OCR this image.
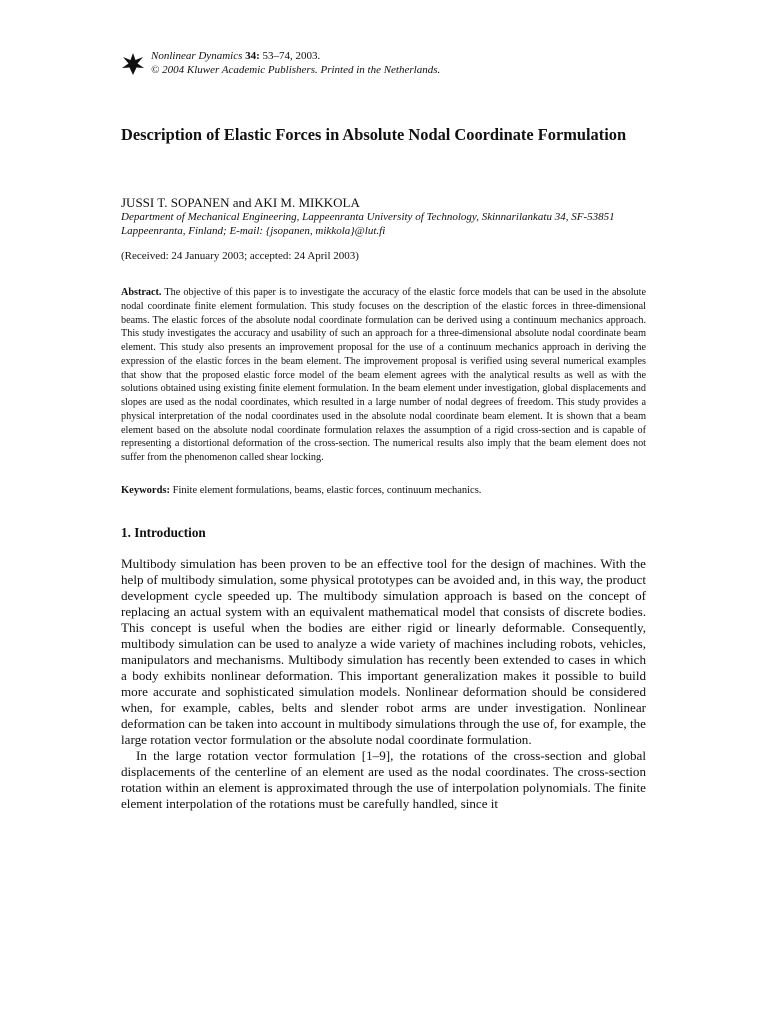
Nonlinear Dynamics 34: 53–74, 2003.
© 2004 Kluwer Academic Publishers. Printed in the Netherlands.
Description of Elastic Forces in Absolute Nodal Coordinate Formulation
JUSSI T. SOPANEN and AKI M. MIKKOLA
Department of Mechanical Engineering, Lappeenranta University of Technology, Skinnarilankatu 34, SF-53851 Lappeenranta, Finland; E-mail: {jsopanen, mikkola}@lut.fi
(Received: 24 January 2003; accepted: 24 April 2003)
Abstract. The objective of this paper is to investigate the accuracy of the elastic force models that can be used in the absolute nodal coordinate finite element formulation. This study focuses on the description of the elastic forces in three-dimensional beams. The elastic forces of the absolute nodal coordinate formulation can be derived using a continuum mechanics approach. This study investigates the accuracy and usability of such an approach for a three-dimensional absolute nodal coordinate beam element. This study also presents an improvement proposal for the use of a continuum mechanics approach in deriving the expression of the elastic forces in the beam element. The improvement proposal is verified using several numerical examples that show that the proposed elastic force model of the beam element agrees with the analytical results as well as with the solutions obtained using existing finite element formulation. In the beam element under investigation, global displacements and slopes are used as the nodal coordinates, which resulted in a large number of nodal degrees of freedom. This study provides a physical interpretation of the nodal coordinates used in the absolute nodal coordinate beam element. It is shown that a beam element based on the absolute nodal coordinate formulation relaxes the assumption of a rigid cross-section and is capable of representing a distortional deformation of the cross-section. The numerical results also imply that the beam element does not suffer from the phenomenon called shear locking.
Keywords: Finite element formulations, beams, elastic forces, continuum mechanics.
1. Introduction

Multibody simulation has been proven to be an effective tool for the design of machines. With the help of multibody simulation, some physical prototypes can be avoided and, in this way, the product development cycle speeded up. The multibody simulation approach is based on the concept of replacing an actual system with an equivalent mathematical model that consists of discrete bodies. This concept is useful when the bodies are either rigid or linearly deformable. Consequently, multibody simulation can be used to analyze a wide variety of machines including robots, vehicles, manipulators and mechanisms. Multibody simulation has recently been extended to cases in which a body exhibits nonlinear deformation. This important generalization makes it possible to build more accurate and sophisticated simulation models. Nonlinear deformation should be considered when, for example, cables, belts and slender robot arms are under investigation. Nonlinear deformation can be taken into account in multibody simulations through the use of, for example, the large rotation vector formulation or the absolute nodal coordinate formulation.

In the large rotation vector formulation [1–9], the rotations of the cross-section and global displacements of the centerline of an element are used as the nodal coordinates. The cross-section rotation within an element is approximated through the use of interpolation polynomials. The finite element interpolation of the rotations must be carefully handled, since it
